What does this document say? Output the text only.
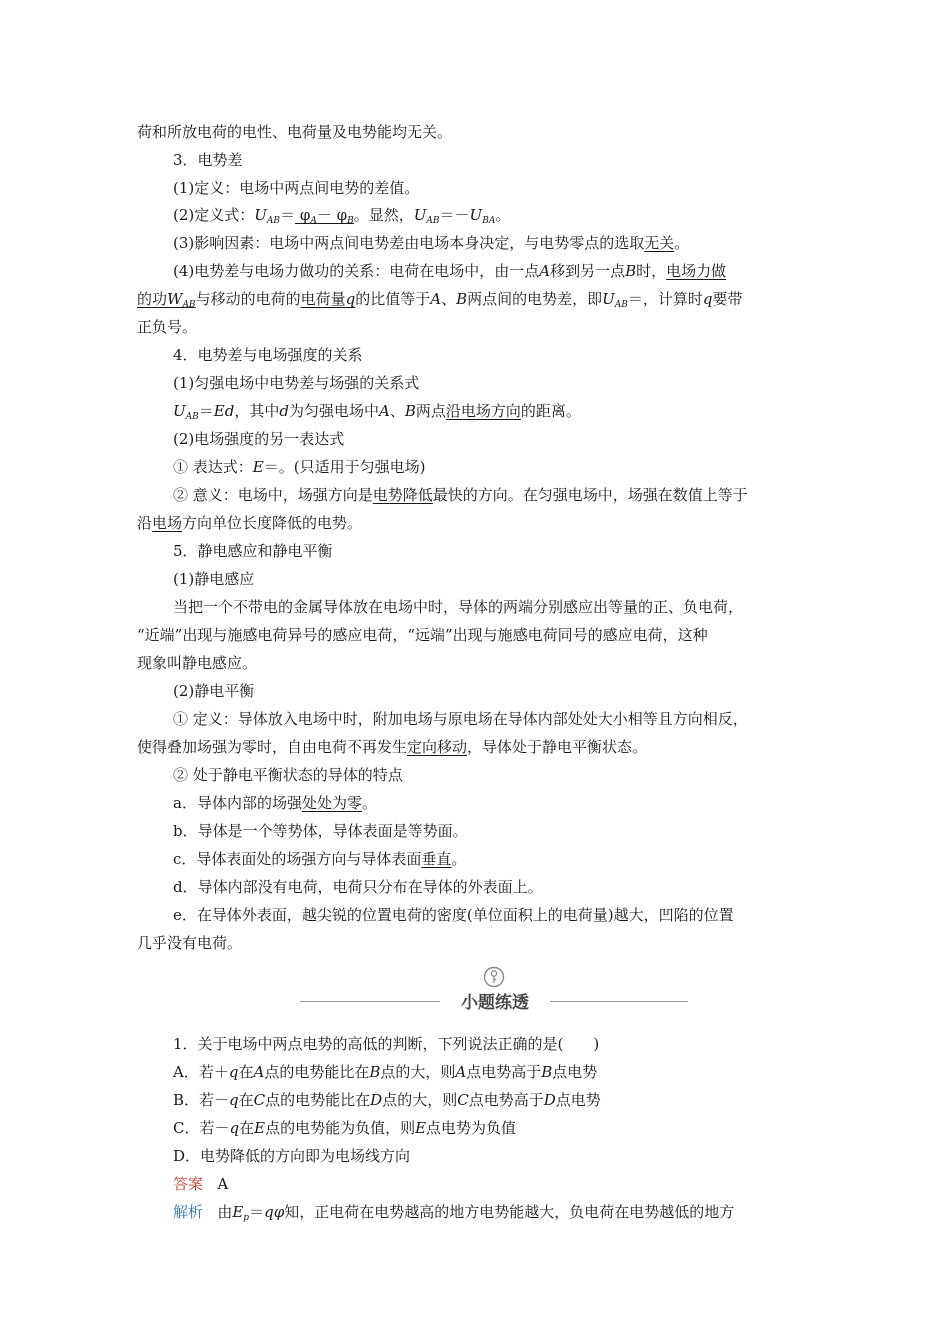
荷和所放电荷的电性、电荷量及电势能均无关。
3．电势差
(1)定义：电场中两点间电势的差值。
(2)定义式：$U_{AB}= \varphi_A- \varphi_B$。显然，$U_{AB}=-U_{BA}$。
(3)影响因素：电场中两点间电势差由电场本身决定，与电势零点的选取无关。
(4)电势差与电场力做功的关系：电荷在电场中，由一点A移到另一点B时，电场力做
的功$W_{AB}$与移动的电荷的电荷量q的比值等于A、B两点间的电势差，即$U_{AB}=$，计算时q要带
正负号。
4．电势差与电场强度的关系
(1)匀强电场中电势差与场强的关系式
$U_{AB}=Ed$，其中d为匀强电场中A、B两点沿电场方向的距离。
(2)电场强度的另一表达式
① 表达式：E＝。(只适用于匀强电场)
② 意义：电场中，场强方向是电势降低最快的方向。在匀强电场中，场强在数值上等于
沿电场方向单位长度降低的电势。
5．静电感应和静电平衡
(1)静电感应
当把一个不带电的金属导体放在电场中时，导体的两端分别感应出等量的正、负电荷，
“近端”出现与施感电荷异号的感应电荷，“远端”出现与施感电荷同号的感应电荷，这种
现象叫静电感应。
(2)静电平衡
① 定义：导体放入电场中时，附加电场与原电场在导体内部处处大小相等且方向相反，
使得叠加场强为零时，自由电荷不再发生定向移动，导体处于静电平衡状态。
② 处于静电平衡状态的导体的特点
a．导体内部的场强处处为零。
b．导体是一个等势体，导体表面是等势面。
c．导体表面处的场强方向与导体表面垂直。
d．导体内部没有电荷，电荷只分布在导体的外表面上。
e．在导体外表面，越尖锐的位置电荷的密度(单位面积上的电荷量)越大，凹陷的位置
几乎没有电荷。
小题练透
1．关于电场中两点电势的高低的判断，下列说法正确的是(　　)
A．若＋q在A点的电势能比在B点的大，则A点电势高于B点电势
B．若－q在C点的电势能比在D点的大，则C点电势高于D点电势
C．若－q在E点的电势能为负值，则E点电势为负值
D．电势降低的方向即为电场线方向
答案 A
解析 由$E_p=q\varphi$知，正电荷在电势越高的地方电势能越大，负电荷在电势越低的地方
